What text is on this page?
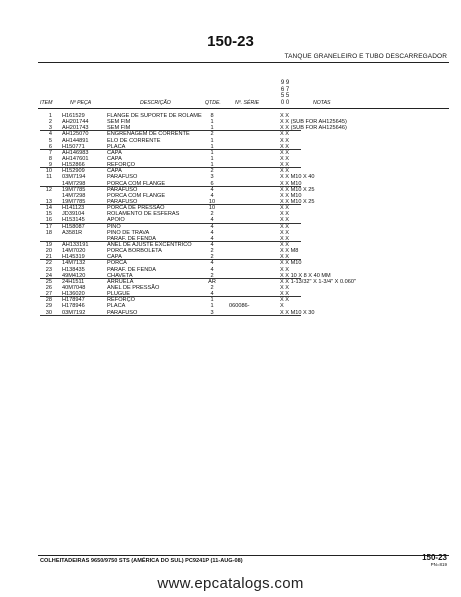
150-23
TANQUE GRANELEIRO E TUBO DESCARREGADOR
9 9
6 7
5 5
0 0
ITEM	Nº PEÇA	DESCRIÇÃO	QTDE.	Nº. SÉRIE	NOTAS
1 H161529	FLANGE DE SUPORTE DE ROLAME	8	X X
2 AH201744	SEM FIM	1	X X (SUB FOR AH125645)
3 AH201743	SEM FIM	1	X X (SUB FOR AH125646)
4 AH125070	ENGRENAGEM DE CORRENTE	2	X X
5 AH144891	ELO DE CORRENTE	1	X X
6 H150771	PLACA	1	X X
7 AH146983	CAPA	1	X X
8 AH147601	CAPA	1	X X
9 H152866	REFORÇO	1	X X
10 H152909	CAPA	2	X X
11 03M7194	PARAFUSO	3	X X M10 X 40
14M7298	PORCA COM FLANGE	6	X X M10
12 19M7785	PARAFUSO	4	X X M10 X 25
14M7298	PORCA COM FLANGE	4	X X M10
13 19M7785	PARAFUSO	10	X X M10 X 25
14 H141123	PORCA DE PRESSÃO	10	X X
15 JD39104	ROLAMENTO DE ESFERAS	2	X X
16 H153145	APOIO	4	X X
17 H158087	PINO	4	X X
18 A3581R	PINO DE TRAVA	4	X X
PARAF. DE FENDA	4	X X
19 AH133191	ANEL DE AJUSTE EXCÊNTRICO	4	X X
20 14M7020	PORCA BORBOLETA	2	X X M8
21 H145319	CAPA	2	X X
22 14M7132	PORCA	4	X X M10
23 H138435	PARAF. DE FENDA	4	X X
24 49M4120	CHAVETA	2	X X 10 X 8 X 40 MM
25 24H1511	ARRUELA	AR	X X 1-13/32" X 1-3/4" X 0.060"
26 40M7048	ANEL DE PRESSÃO	2	X X
27 H136020	PLUGUE	4	X X
28 H178947	REFORÇO	1	X X
29 H178946	PLACA	1	060086-	X
30 03M7192	PARAFUSO	3	X X M10 X 30
COLHEITADEIRAS 9650/9750 STS (AMÉRICA DO SUL) PC9241P (11-AUG-08)	150-23
PN=819
www.epcatalogs.com
